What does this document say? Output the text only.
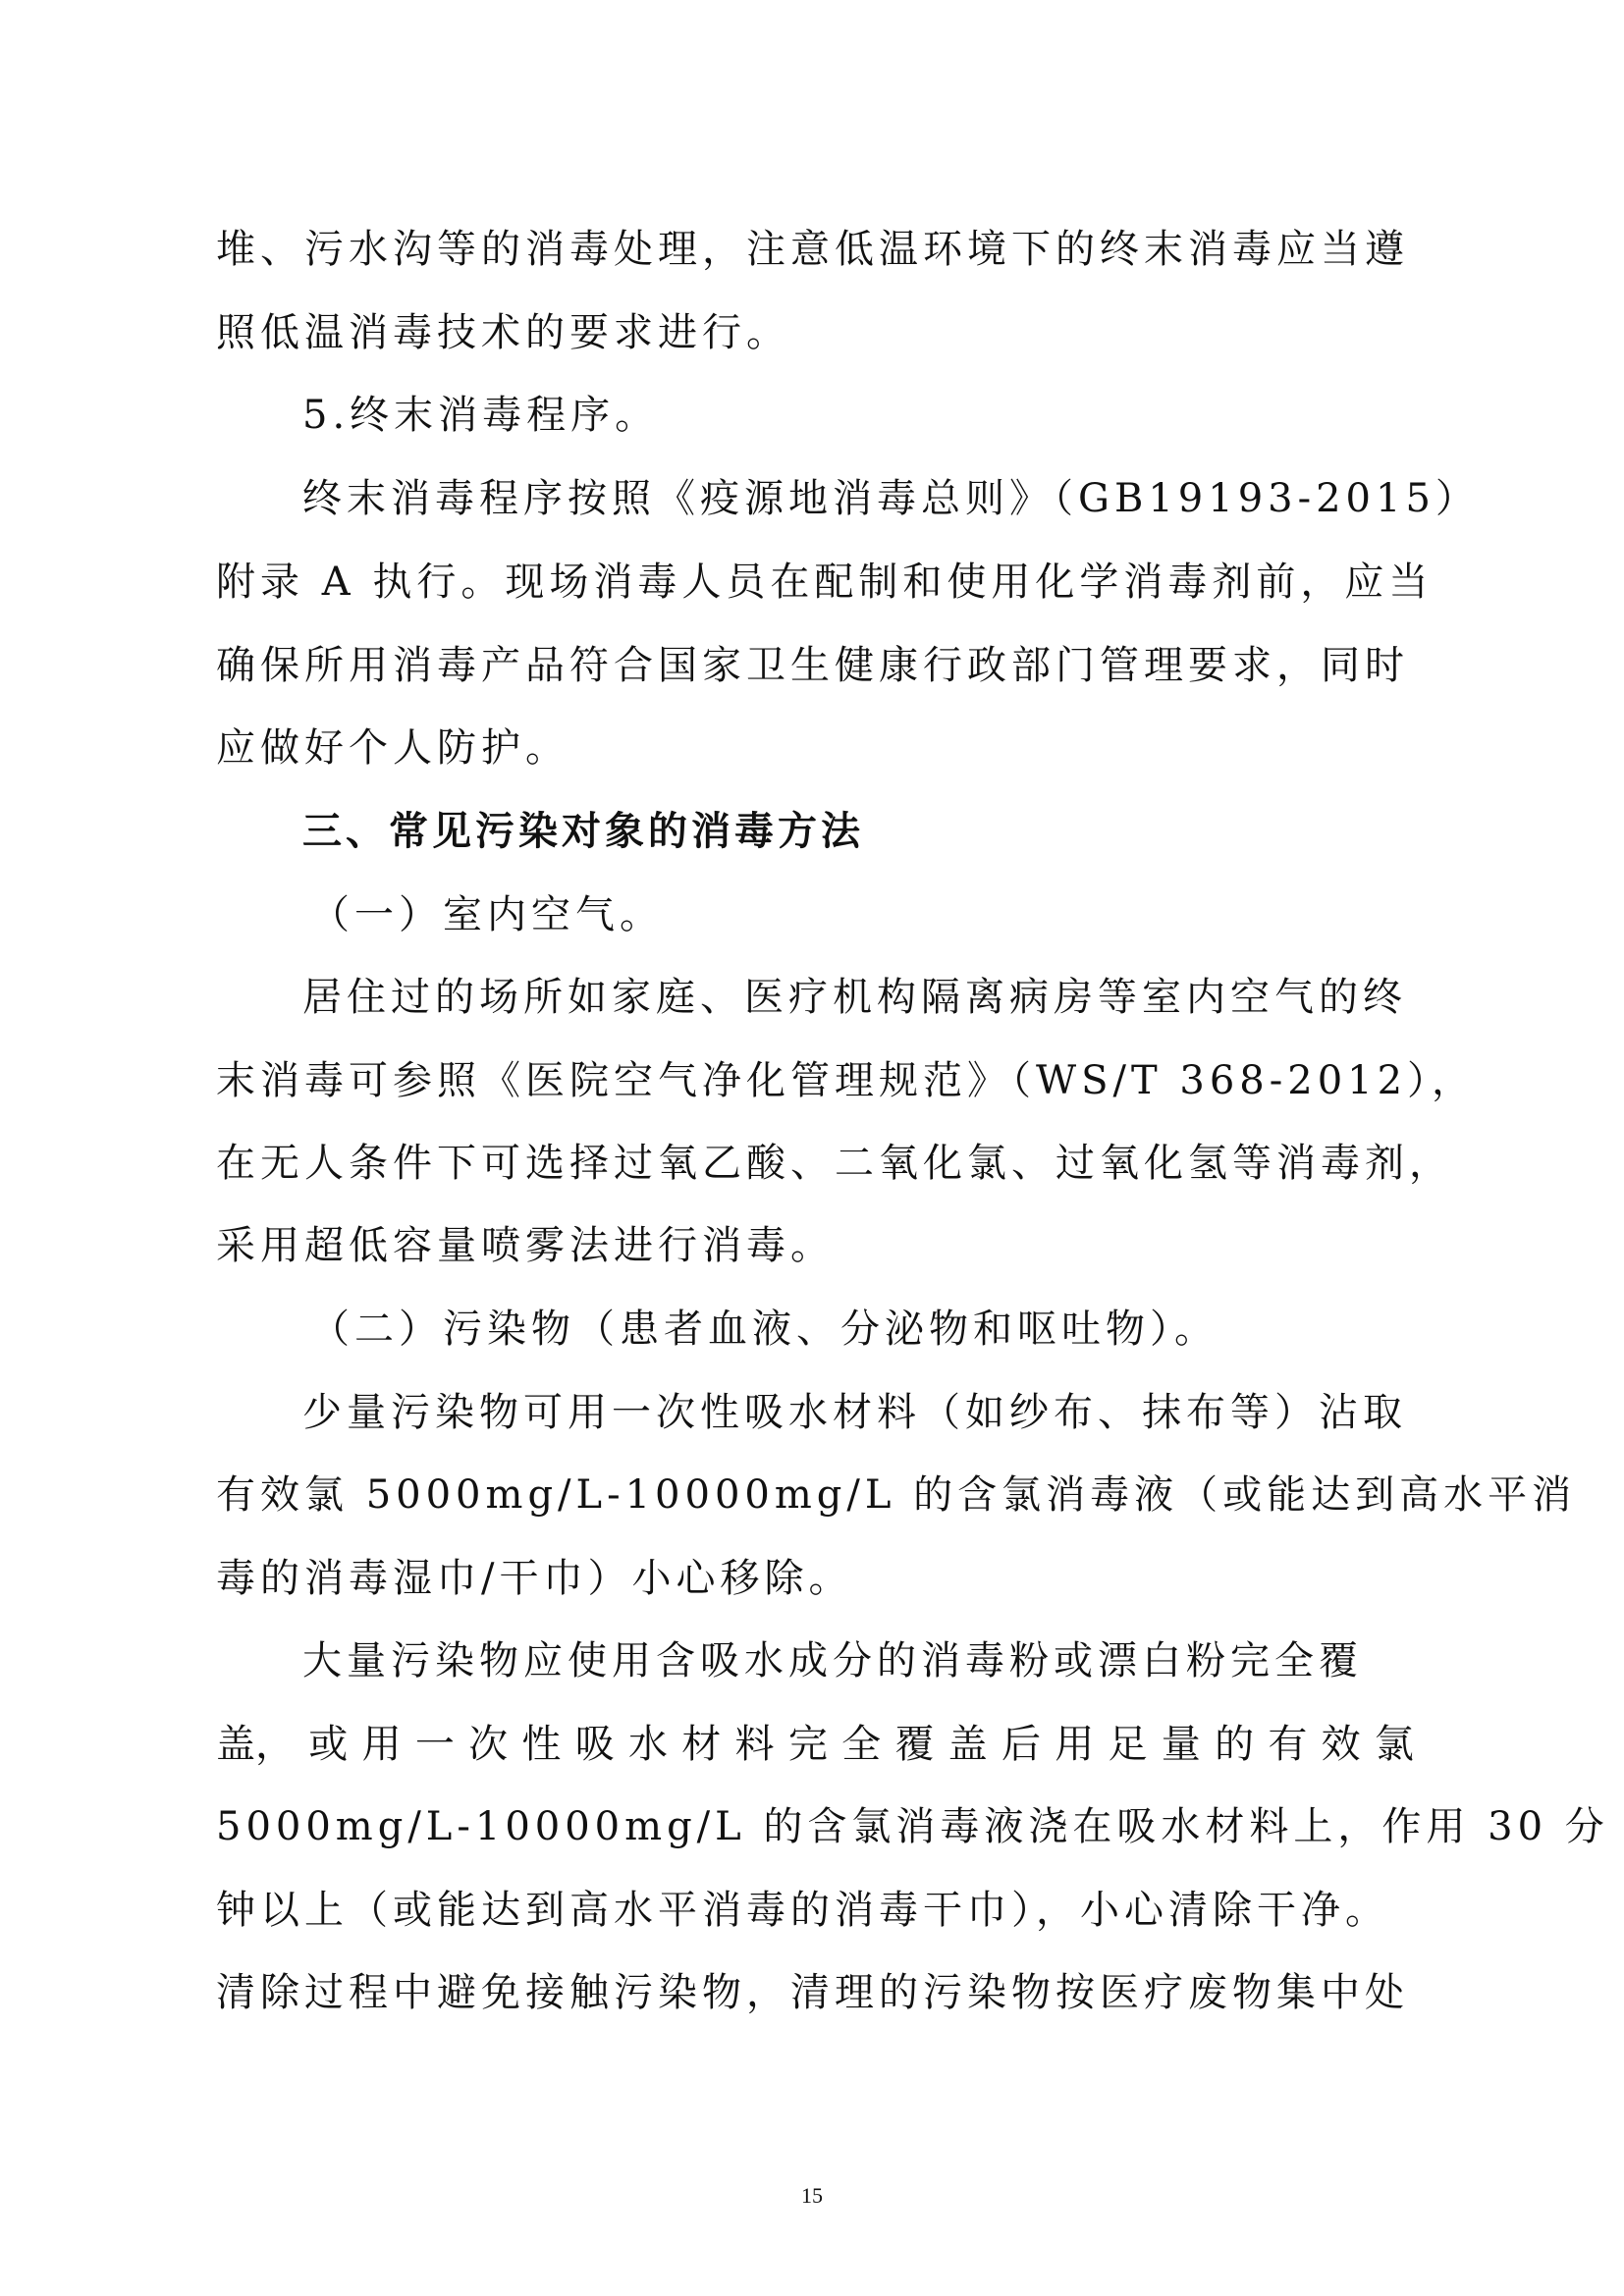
堆、污水沟等的消毒处理，注意低温环境下的终末消毒应当遵
照低温消毒技术的要求进行。
5.终末消毒程序。
终末消毒程序按照《疫源地消毒总则》（GB19193-2015）
附录 A 执行。现场消毒人员在配制和使用化学消毒剂前，应当
确保所用消毒产品符合国家卫生健康行政部门管理要求，同时
应做好个人防护。
三、常见污染对象的消毒方法
（一）室内空气。
居住过的场所如家庭、医疗机构隔离病房等室内空气的终
末消毒可参照《医院空气净化管理规范》（WS/T 368-2012），
在无人条件下可选择过氧乙酸、二氧化氯、过氧化氢等消毒剂，
采用超低容量喷雾法进行消毒。
（二）污染物（患者血液、分泌物和呕吐物）。
少量污染物可用一次性吸水材料（如纱布、抹布等）沾取
有效氯 5000mg/L-10000mg/L 的含氯消毒液（或能达到高水平消
毒的消毒湿巾/干巾）小心移除。
大量污染物应使用含吸水成分的消毒粉或漂白粉完全覆
盖， 或 用 一 次 性 吸 水 材 料 完 全 覆 盖 后 用 足 量 的 有 效 氯
5000mg/L-10000mg/L 的含氯消毒液浇在吸水材料上，作用 30 分
钟以上（或能达到高水平消毒的消毒干巾），小心清除干净。
清除过程中避免接触污染物，清理的污染物按医疗废物集中处
15
